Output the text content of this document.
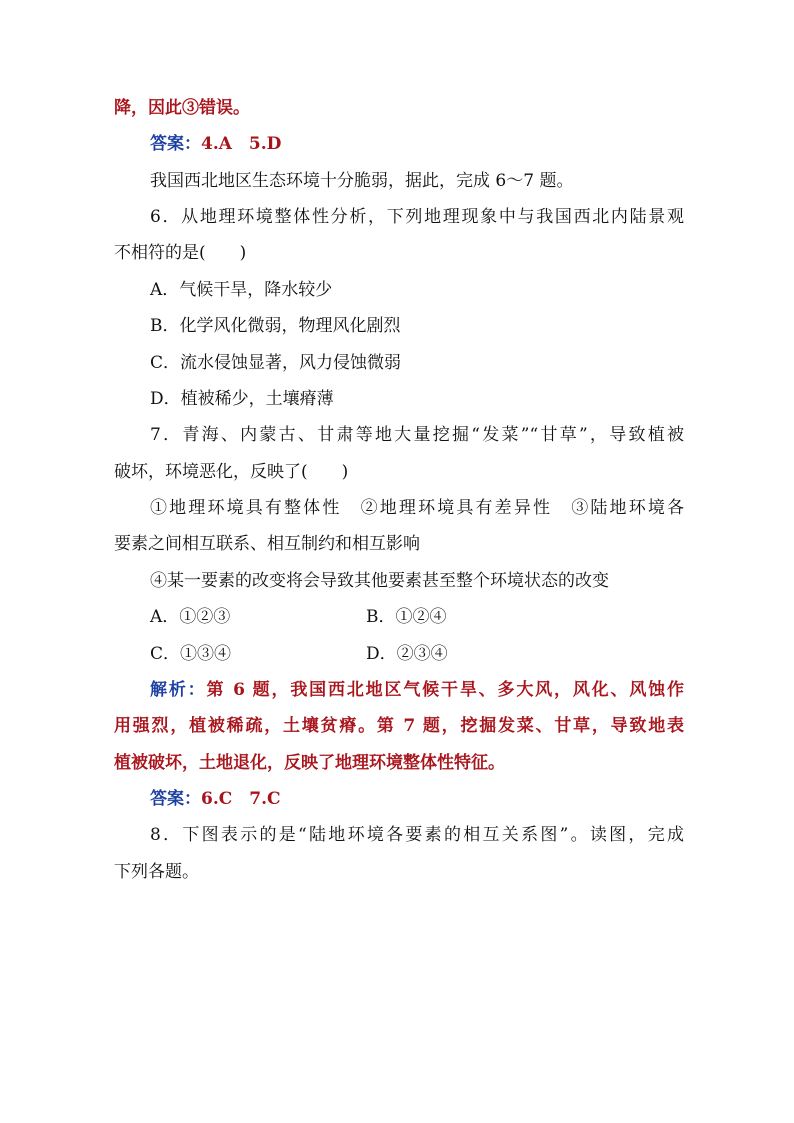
降，因此③错误。
答案：4.A　5.D
我国西北地区生态环境十分脆弱，据此，完成 6～7 题。
6．从地理环境整体性分析，下列地理现象中与我国西北内陆景观
不相符的是(　　)
A．气候干旱，降水较少
B．化学风化微弱，物理风化剧烈
C．流水侵蚀显著，风力侵蚀微弱
D．植被稀少，土壤瘠薄
7．青海、内蒙古、甘肃等地大量挖掘“发菜”“甘草”，导致植被
破坏，环境恶化，反映了(　　)
①地理环境具有整体性　②地理环境具有差异性　③陆地环境各
要素之间相互联系、相互制约和相互影响
④某一要素的改变将会导致其他要素甚至整个环境状态的改变
A．①②③	B．①②④
C．①③④	D．②③④
解析：第 6 题，我国西北地区气候干旱、多大风，风化、风蚀作
用强烈，植被稀疏，土壤贫瘠。第 7 题，挖掘发菜、甘草，导致地表
植被破坏，土地退化，反映了地理环境整体性特征。
答案：6.C　7.C
8．下图表示的是“陆地环境各要素的相互关系图”。读图，完成
下列各题。
